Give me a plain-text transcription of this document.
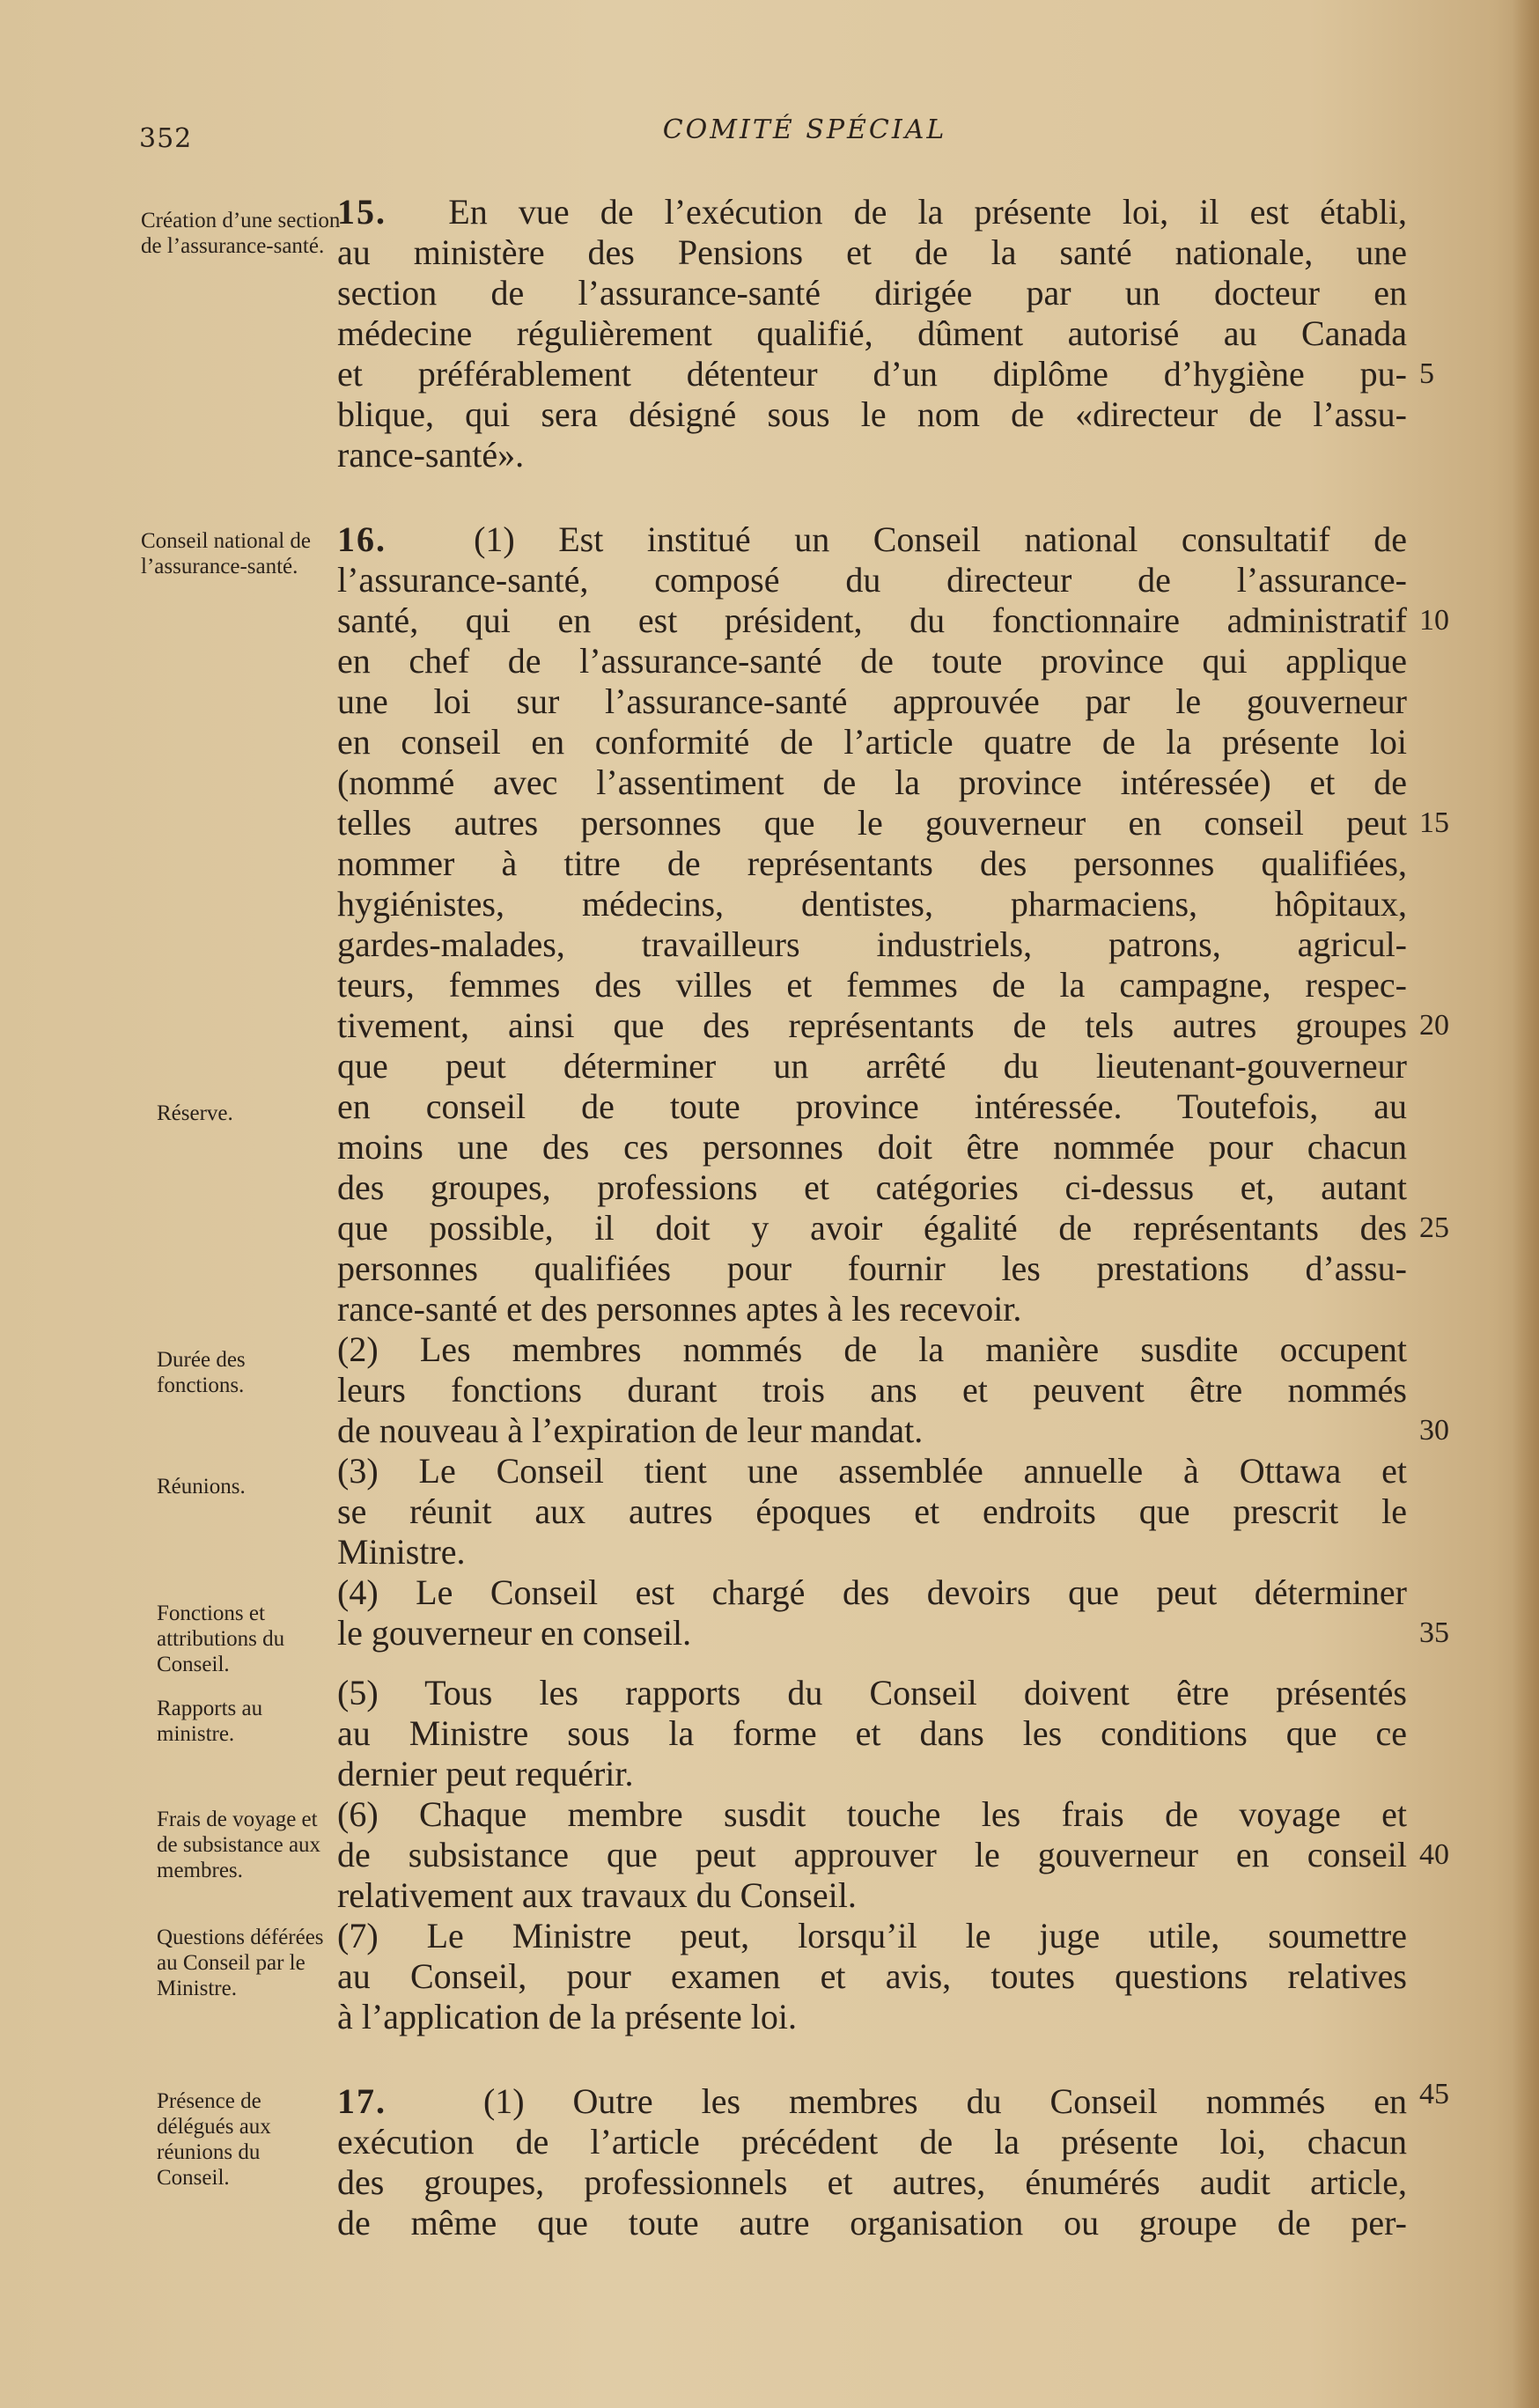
352	COMITÉ SPÉCIAL
Création d’une section de l’assurance-santé.
Conseil national de l’assurance-santé.
Réserve.
Durée des fonctions.
Réunions.
Fonctions et attributions du Conseil.
Rapports au ministre.
Frais de voyage et de subsistance aux membres.
Questions déférées au Conseil par le Ministre.
Présence de délégués aux réunions du Conseil.
15. En vue de l’exécution de la présente loi, il est établi,
au ministère des Pensions et de la santé nationale, une
section de l’assurance-santé dirigée par un docteur en
médecine régulièrement qualifié, dûment autorisé au Canada
et préférablement détenteur d’un diplôme d’hygiène pu-
blique, qui sera désigné sous le nom de «directeur de l’assu-
rance-santé».
16. (1) Est institué un Conseil national consultatif de
l’assurance-santé, composé du directeur de l’assurance-
santé, qui en est président, du fonctionnaire administratif
en chef de l’assurance-santé de toute province qui applique
une loi sur l’assurance-santé approuvée par le gouverneur
en conseil en conformité de l’article quatre de la présente loi
(nommé avec l’assentiment de la province intéressée) et de
telles autres personnes que le gouverneur en conseil peut
nommer à titre de représentants des personnes qualifiées,
hygiénistes, médecins, dentistes, pharmaciens, hôpitaux,
gardes-malades, travailleurs industriels, patrons, agricul-
teurs, femmes des villes et femmes de la campagne, respec-
tivement, ainsi que des représentants de tels autres groupes
que peut déterminer un arrêté du lieutenant-gouverneur
en conseil de toute province intéressée. Toutefois, au
moins une des ces personnes doit être nommée pour chacun
des groupes, professions et catégories ci-dessus et, autant
que possible, il doit y avoir égalité de représentants des
personnes qualifiées pour fournir les prestations d’assu-
rance-santé et des personnes aptes à les recevoir.
(2) Les membres nommés de la manière susdite occupent
leurs fonctions durant trois ans et peuvent être nommés
de nouveau à l’expiration de leur mandat.
(3) Le Conseil tient une assemblée annuelle à Ottawa et
se réunit aux autres époques et endroits que prescrit le
Ministre.
(4) Le Conseil est chargé des devoirs que peut déterminer
le gouverneur en conseil.
(5) Tous les rapports du Conseil doivent être présentés
au Ministre sous la forme et dans les conditions que ce
dernier peut requérir.
(6) Chaque membre susdit touche les frais de voyage et
de subsistance que peut approuver le gouverneur en conseil
relativement aux travaux du Conseil.
(7) Le Ministre peut, lorsqu’il le juge utile, soumettre
au Conseil, pour examen et avis, toutes questions relatives
à l’application de la présente loi.
17.	(1) Outre les membres du Conseil nommés en
exécution de l’article précédent de la présente loi, chacun
des groupes, professionnels et autres, énumérés audit article,
de même que toute autre organisation ou groupe de per-
5
10
15
20
25
30
35
40
45
